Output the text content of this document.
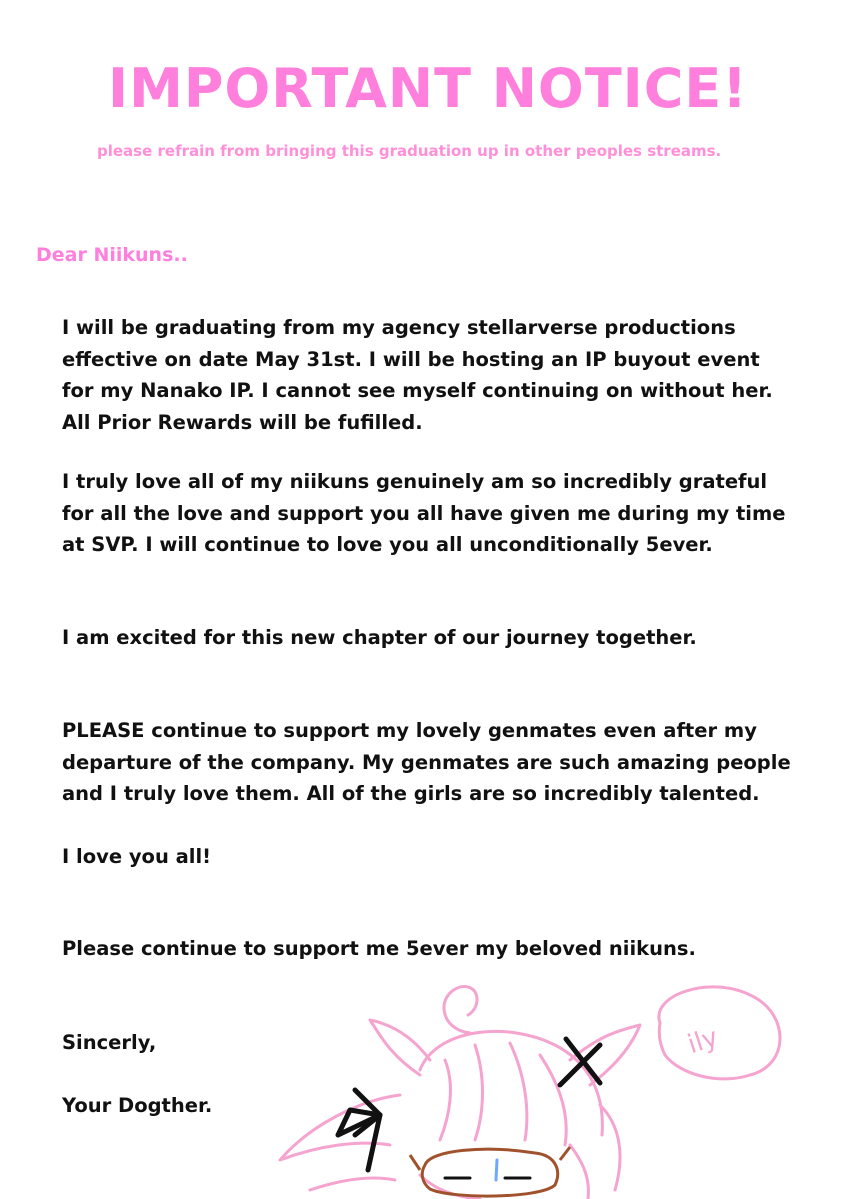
IMPORTANT NOTICE!
please refrain from bringing this graduation up in other peoples streams.
Dear Niikuns..

I will be graduating from my agency stellarverse productions
effective on date May 31st. I will be hosting an IP buyout event
for my Nanako IP. I cannot see myself continuing on without her.
All Prior Rewards will be fufilled.

I truly love all of my niikuns genuinely am so incredibly grateful
for all the love and support you all have given me during my time
at SVP. I will continue to love you all unconditionally 5ever.

I am excited for this new chapter of our journey together.

PLEASE continue to support my lovely genmates even after my
departure of the company. My genmates are such amazing people
and I truly love them. All of the girls are so incredibly talented.

I love you all!

Please continue to support me 5ever my beloved niikuns.

Sincerly,

Your Dogther.

ily
